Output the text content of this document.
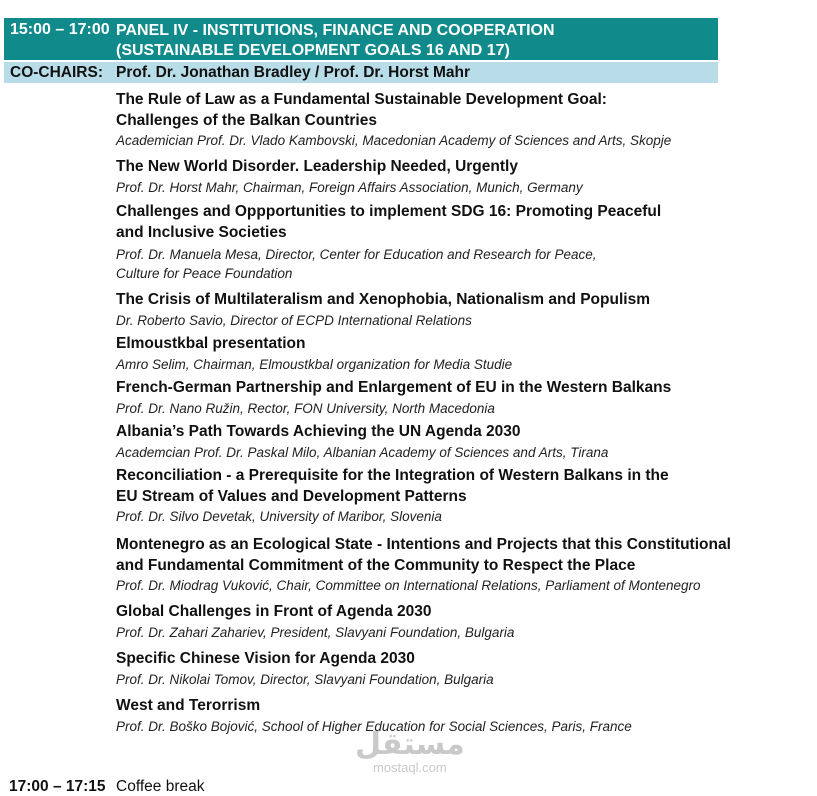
15:00 – 17:00 PANEL IV - INSTITUTIONS, FINANCE AND COOPERATION
(SUSTAINABLE DEVELOPMENT GOALS 16 AND 17)
CO-CHAIRS: Prof. Dr. Jonathan Bradley / Prof. Dr. Horst Mahr
The Rule of Law as a Fundamental Sustainable Development Goal:
Challenges of the Balkan Countries
Academician Prof. Dr. Vlado Kambovski, Macedonian Academy of Sciences and Arts, Skopje
The New World Disorder. Leadership Needed, Urgently
Prof. Dr. Horst Mahr, Chairman, Foreign Affairs Association, Munich, Germany
Challenges and Oppportunities to implement SDG 16: Promoting Peaceful
and Inclusive Societies
Prof. Dr. Manuela Mesa, Director, Center for Education and Research for Peace,
Culture for Peace Foundation
The Crisis of Multilateralism and Xenophobia, Nationalism and Populism
Dr. Roberto Savio, Director of ECPD International Relations
Elmoustkbal presentation
Amro Selim, Chairman, Elmoustkbal organization for Media Studie
French-German Partnership and Enlargement of EU in the Western Balkans
Prof. Dr. Nano Ružin, Rector, FON University, North Macedonia
Albania’s Path Towards Achieving the UN Agenda 2030
Academcian Prof. Dr. Paskal Milo, Albanian Academy of Sciences and Arts, Tirana
Reconciliation - a Prerequisite for the Integration of Western Balkans in the
EU Stream of Values and Development Patterns
Prof. Dr. Silvo Devetak, University of Maribor, Slovenia
Montenegro as an Ecological State - Intentions and Projects that this Constitutional
and Fundamental Commitment of the Community to Respect the Place
Prof. Dr. Miodrag Vuković, Chair, Committee on International Relations, Parliament of Montenegro
Global Challenges in Front of Agenda 2030
Prof. Dr. Zahari Zahariev, President, Slavyani Foundation, Bulgaria
Specific Chinese Vision for Agenda 2030
Prof. Dr. Nikolai Tomov, Director, Slavyani Foundation, Bulgaria
West and Terorrism
Prof. Dr. Boško Bojović, School of Higher Education for Social Sciences, Paris, France
مستقل
mostaql.com
17:00 – 17:15 Coffee break
